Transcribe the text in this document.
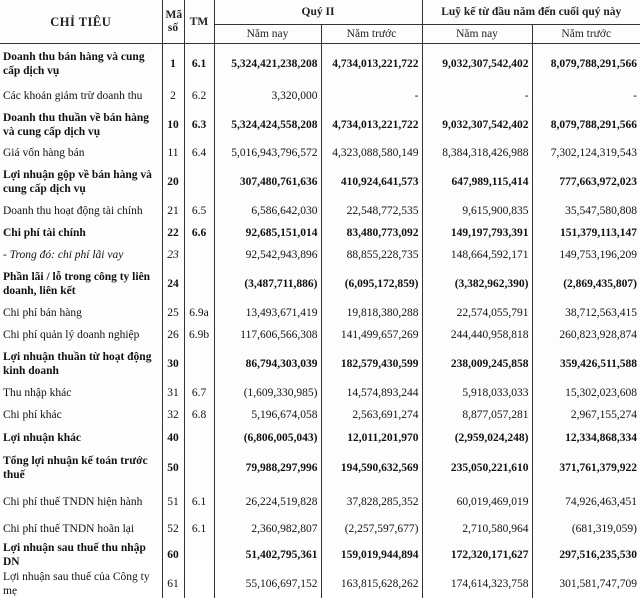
CHỈ TIÊU	Mã
số	TM	Quý II		Luỹ kế từ đầu năm đến cuối quý này	
			Năm nay	Năm trước	Năm nay	Năm trước
Doanh thu bán hàng và cung cấp dịch vụ	1	6.1	5,324,421,238,208	4,734,013,221,722	9,032,307,542,402	8,079,788,291,566
Các khoản giảm trừ doanh thu	2	6.2	3,320,000	-	-	-
Doanh thu thuần về bán hàng và cung cấp dịch vụ	10	6.3	5,324,424,558,208	4,734,013,221,722	9,032,307,542,402	8,079,788,291,566
Giá vốn hàng bán	11	6.4	5,016,943,796,572	4,323,088,580,149	8,384,318,426,988	7,302,124,319,543
Lợi nhuận gộp về bán hàng và cung cấp dịch vụ	20		307,480,761,636	410,924,641,573	647,989,115,414	777,663,972,023
Doanh thu hoạt động tài chính	21	6.5	6,586,642,030	22,548,772,535	9,615,900,835	35,547,580,808
Chi phí tài chính	22	6.6	92,685,151,014	83,480,773,092	149,197,793,391	151,379,113,147
- Trong đó: chi phí lãi vay	23		92,542,943,896	88,855,228,735	148,664,592,171	149,753,196,209
Phần lãi / lỗ trong công ty liên doanh, liên kết	24		(3,487,711,886)	(6,095,172,859)	(3,382,962,390)	(2,869,435,807)
Chi phí bán hàng	25	6.9a	13,493,671,419	19,818,380,288	22,574,055,791	38,712,563,415
Chi phí quản lý doanh nghiệp	26	6.9b	117,606,566,308	141,499,657,269	244,440,958,818	260,823,928,874
Lợi nhuận thuần từ hoạt động kinh doanh	30		86,794,303,039	182,579,430,599	238,009,245,858	359,426,511,588
Thu nhập khác	31	6.7	(1,609,330,985)	14,574,893,244	5,918,033,033	15,302,023,608
Chi phí khác	32	6.8	5,196,674,058	2,563,691,274	8,877,057,281	2,967,155,274
Lợi nhuận khác	40		(6,806,005,043)	12,011,201,970	(2,959,024,248)	12,334,868,334
Tổng lợi nhuận kế toán trước thuế	50		79,988,297,996	194,590,632,569	235,050,221,610	371,761,379,922
Chi phí thuế TNDN hiện hành	51	6.1	26,224,519,828	37,828,285,352	60,019,469,019	74,926,463,451
Chi phí thuế TNDN hoãn lại	52	6.1	2,360,982,807	(2,257,597,677)	2,710,580,964	(681,319,059)
Lợi nhuận sau thuế thu nhập DN	60		51,402,795,361	159,019,944,894	172,320,171,627	297,516,235,530
Lợi nhuận sau thuế của Công ty mẹ	61		55,106,697,152	163,815,628,262	174,614,323,758	301,581,747,709
